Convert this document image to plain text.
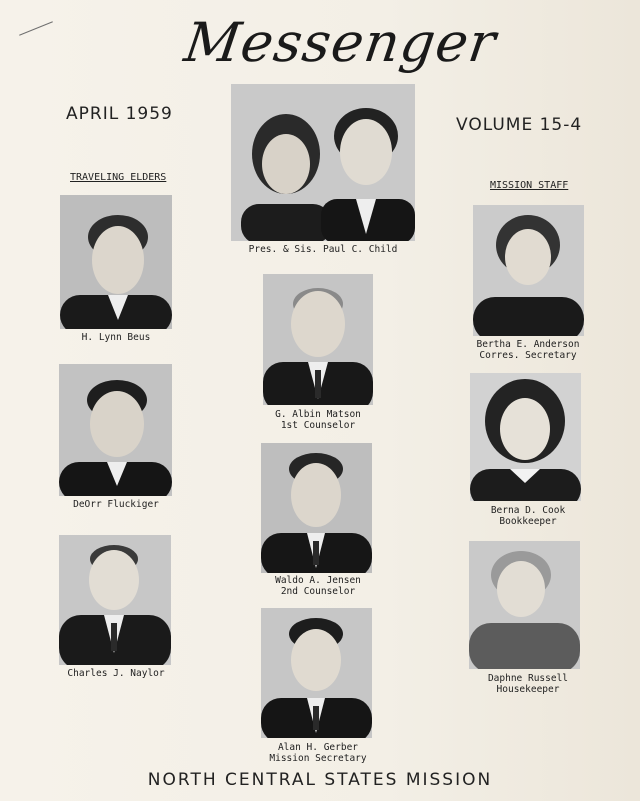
Messenger
APRIL 1959
VOLUME 15-4
TRAVELING ELDERS
MISSION STAFF
Pres. & Sis. Paul C. Child
H. Lynn Beus
DeOrr Fluckiger
Charles J. Naylor
G. Albin Matson
1st Counselor
Waldo A. Jensen
2nd Counselor
Alan H. Gerber
Mission Secretary
Bertha E. Anderson
Corres. Secretary
Berna D. Cook
Bookkeeper
Daphne Russell
Housekeeper
NORTH CENTRAL STATES MISSION
